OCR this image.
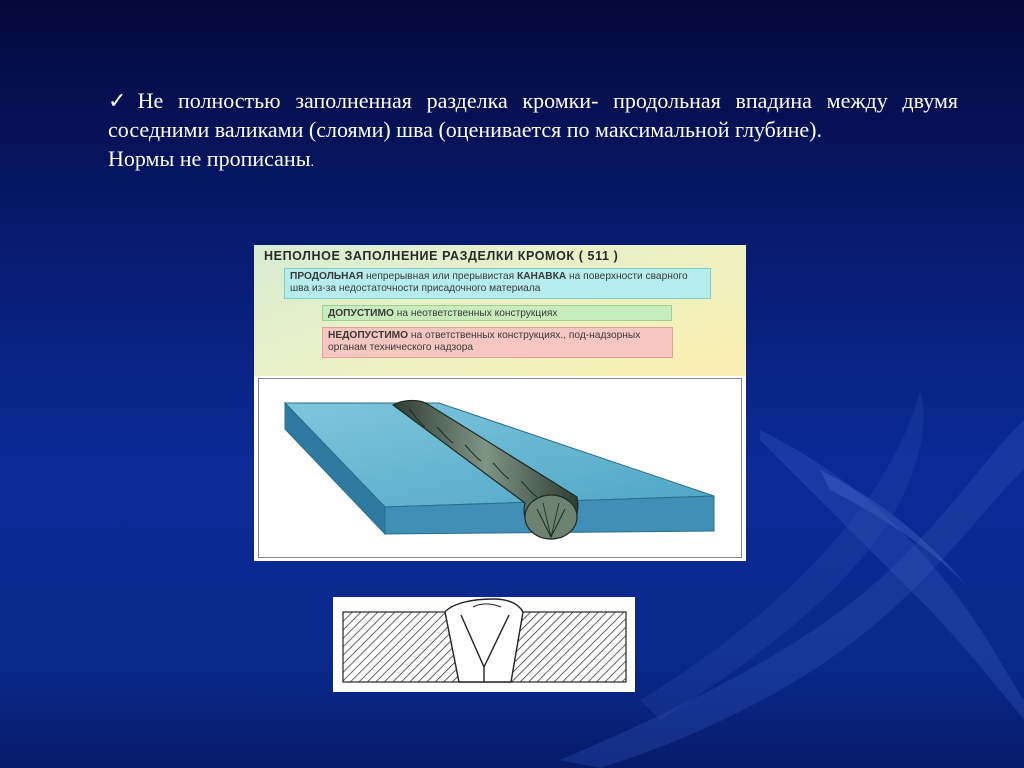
✓Не полностью заполненная разделка кромки- продольная впадина между двумя соседними валиками (слоями) шва (оценивается по максимальной глубине).

Нормы не прописаны.

НЕПОЛНОЕ ЗАПОЛНЕНИЕ РАЗДЕЛКИ КРОМОК ( 511 )
ПРОДОЛЬНАЯ непрерывная или прерывистая КАНАВКА на поверхности сварного шва из-за недостаточности присадочного материала
ДОПУСТИМО на неответственных конструкциях
НЕДОПУСТИМО на ответственных конструкциях., под-надзорных органам технического надзора
